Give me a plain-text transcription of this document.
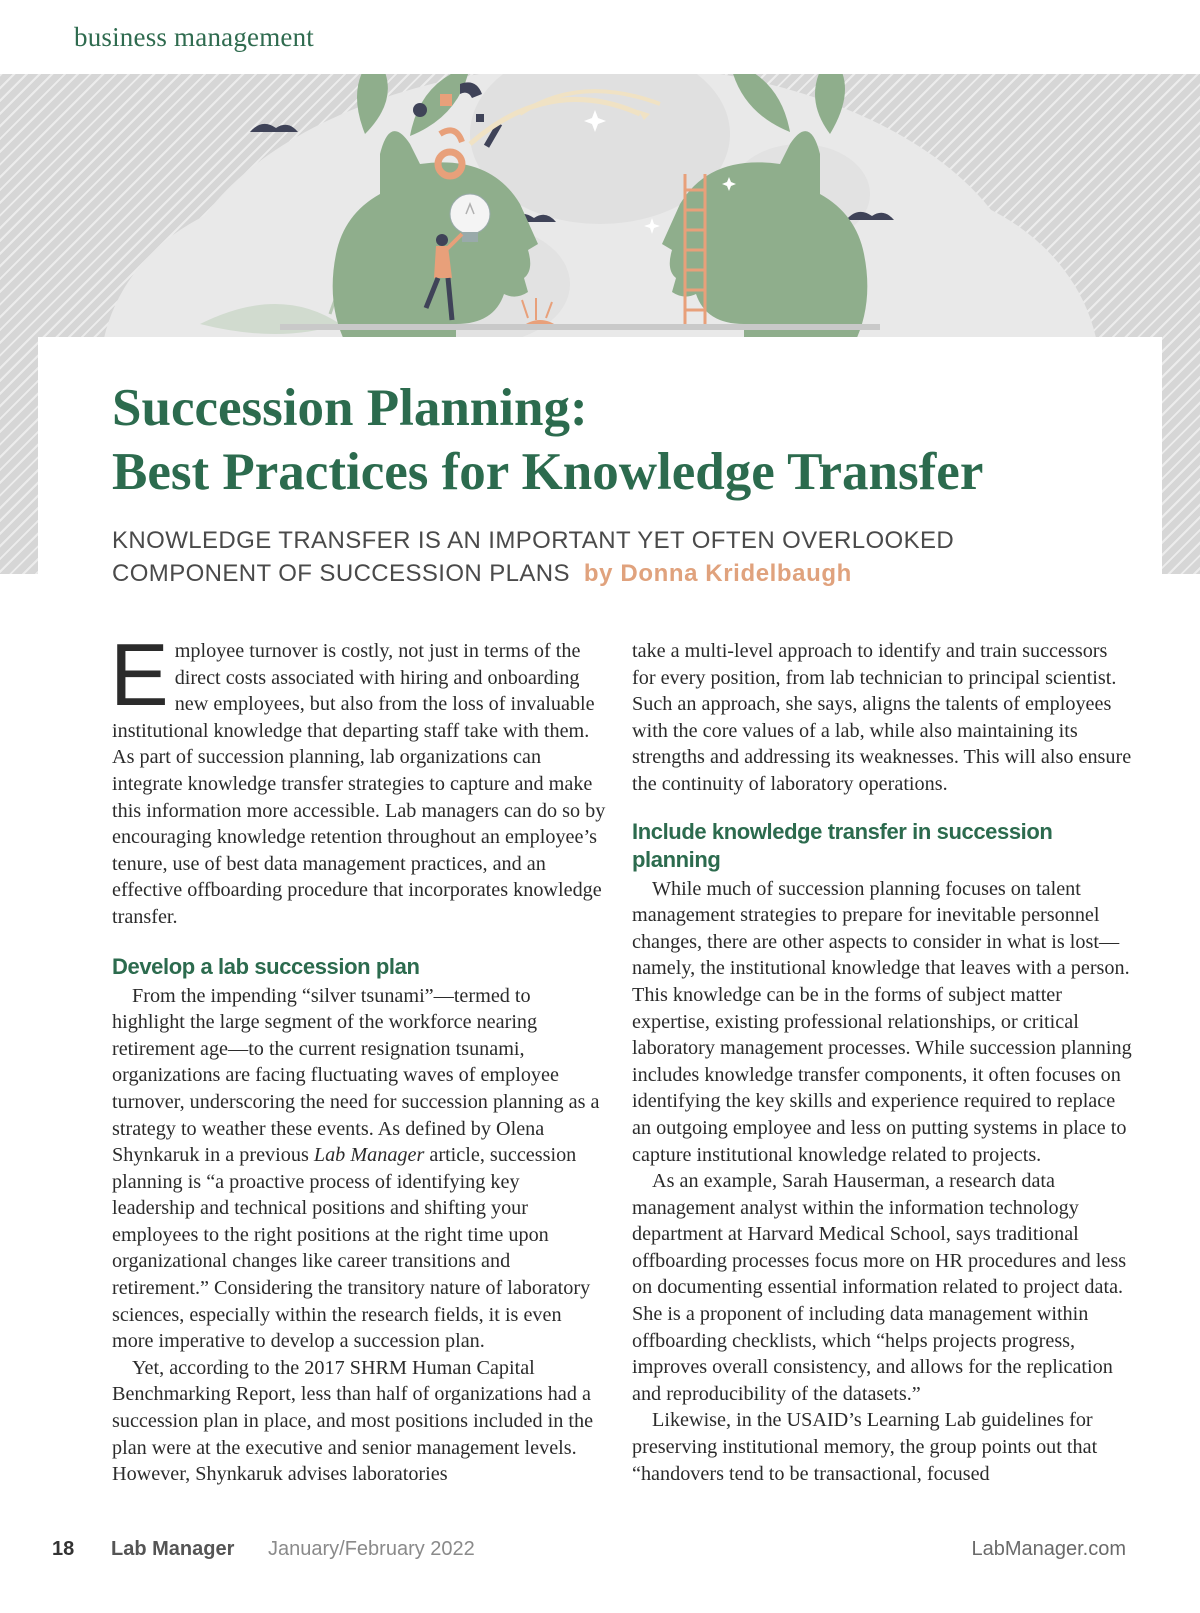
business management
Succession Planning:
Best Practices for Knowledge Transfer
KNOWLEDGE TRANSFER IS AN IMPORTANT YET OFTEN OVERLOOKED
COMPONENT OF SUCCESSION PLANS by Donna Kridelbaugh

Employee turnover is costly, not just in terms of the direct costs associated with hiring and onboarding new employees, but also from the loss of invaluable institutional knowledge that departing staff take with them. As part of succession planning, lab organizations can integrate knowledge transfer strategies to capture and make this information more accessible. Lab managers can do so by encouraging knowledge retention throughout an employee’s tenure, use of best data management practices, and an effective offboarding procedure that incorporates knowledge transfer.

Develop a lab succession plan

From the impending “silver tsunami”—termed to highlight the large segment of the workforce nearing retirement age—to the current resignation tsunami, organizations are facing fluctuating waves of employee turnover, underscoring the need for succession planning as a strategy to weather these events. As defined by Olena Shynkaruk in a previous Lab Manager article, succession planning is “a proactive process of identifying key leadership and technical positions and shifting your employees to the right positions at the right time upon organizational changes like career transitions and retirement.” Considering the transitory nature of laboratory sciences, especially within the research fields, it is even more imperative to develop a succession plan.

Yet, according to the 2017 SHRM Human Capital Benchmarking Report, less than half of organizations had a succession plan in place, and most positions included in the plan were at the executive and senior management levels. However, Shynkaruk advises laboratories

take a multi-level approach to identify and train successors for every position, from lab technician to principal scientist. Such an approach, she says, aligns the talents of employees with the core values of a lab, while also maintaining its strengths and addressing its weaknesses. This will also ensure the continuity of laboratory operations.

Include knowledge transfer in succession planning

While much of succession planning focuses on talent management strategies to prepare for inevitable personnel changes, there are other aspects to consider in what is lost—namely, the institutional knowledge that leaves with a person. This knowledge can be in the forms of subject matter expertise, existing professional relationships, or critical laboratory management processes. While succession planning includes knowledge transfer components, it often focuses on identifying the key skills and experience required to replace an outgoing employee and less on putting systems in place to capture institutional knowledge related to projects.

As an example, Sarah Hauserman, a research data management analyst within the information technology department at Harvard Medical School, says traditional offboarding processes focus more on HR procedures and less on documenting essential information related to project data. She is a proponent of including data management within offboarding checklists, which “helps projects progress, improves overall consistency, and allows for the replication and reproducibility of the datasets.”

Likewise, in the USAID’s Learning Lab guidelines for preserving institutional memory, the group points out that “handovers tend to be transactional, focused

18 Lab Manager January/February 2022	LabManager.com
